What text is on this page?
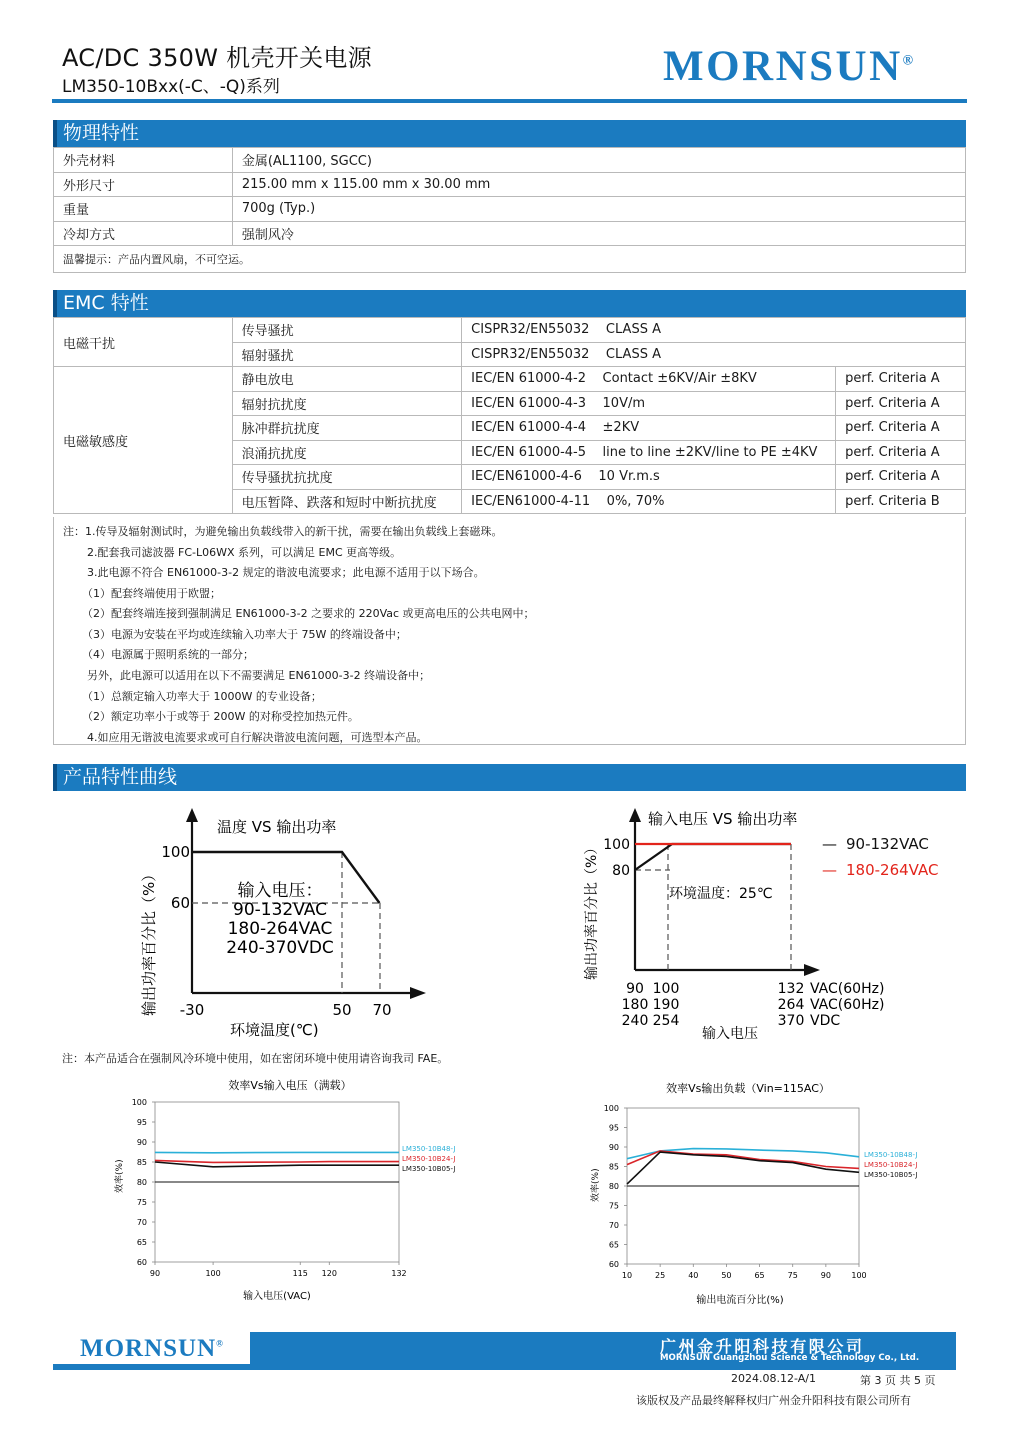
AC/DC 350W 机壳开关电源
LM350-10Bxx(-C、-Q)系列	MORNSUN®
物理特性
外壳材料	金属(AL1100, SGCC)
外形尺寸	215.00 mm x 115.00 mm x 30.00 mm
重量	700g (Typ.)
冷却方式	强制风冷
温馨提示：产品内置风扇，不可空运。	
EMC 特性
电磁干扰	传导骚扰	CISPR32/EN55032    CLASS A	
	辐射骚扰	CISPR32/EN55032    CLASS A	
电磁敏感度	静电放电	IEC/EN 61000-4-2    Contact ±6KV/Air ±8KV	perf. Criteria A
	辐射抗扰度	IEC/EN 61000-4-3    10V/m	perf. Criteria A
	脉冲群抗扰度	IEC/EN 61000-4-4    ±2KV	perf. Criteria A
	浪涌抗扰度	IEC/EN 61000-4-5    line to line ±2KV/line to PE ±4KV	perf. Criteria A
	传导骚扰抗扰度	IEC/EN61000-4-6    10 Vr.m.s	perf. Criteria A
	电压暂降、跌落和短时中断抗扰度	IEC/EN61000-4-11    0%, 70%	perf. Criteria B
注：1.传导及辐射测试时，为避免输出负载线带入的新干扰，需要在输出负载线上套磁珠。
2.配套我司滤波器 FC-L06WX 系列，可以满足 EMC 更高等级。
3.此电源不符合 EN61000-3-2 规定的谐波电流要求；此电源不适用于以下场合。
（1）配套终端使用于欧盟；
（2）配套终端连接到强制满足 EN61000-3-2 之要求的 220Vac 或更高电压的公共电网中；
（3）电源为安装在平均或连续输入功率大于 75W 的终端设备中；
（4）电源属于照明系统的一部分；
另外，此电源可以适用在以下不需要满足 EN61000-3-2 终端设备中；
（1）总额定输入功率大于 1000W 的专业设备；
（2）额定功率小于或等于 200W 的对称受控加热元件。
4.如应用无谐波电流要求或可自行解决谐波电流问题，可选型本产品。
产品特性曲线
温度 VS 输出功率
100
60
-30	50 70
环境温度(℃)
输出功率百分比（%）	输入电压：
90-132VAC
180-264VAC
240-370VDC
输入电压 VS 输出功率
100
80
输出功率百分比（%）	环境温度：25℃
— 90-132VAC
— 180-264VAC
90 100	132 VAC(60Hz)
180 190	264 VAC(60Hz)
240 254	370 VDC
输入电压
注：本产品适合在强制风冷环境中使用，如在密闭环境中使用请咨询我司 FAE。
效率Vs输入电压（满载）
100
95
90
85
80
75
70
65
60
90	100	115 120	132
LM350-10B48-J
LM350-10B24-J
LM350-10B05-J
效率(%)
输入电压(VAC)
效率Vs输出负载（Vin=115AC）
100
95
90
85
80
75
70
65
60
10	25	40	50	65	75	90	100
LM350-10B48-J
LM350-10B24-J
LM350-10B05-J
效率(%)
输出电流百分比(%)
MORNSUN®	广州金升阳科技有限公司
MORNSUN Guangzhou Science & Technology Co., Ltd.
2024.08.12-A/1	第 3 页 共 5 页
该版权及产品最终解释权归广州金升阳科技有限公司所有
